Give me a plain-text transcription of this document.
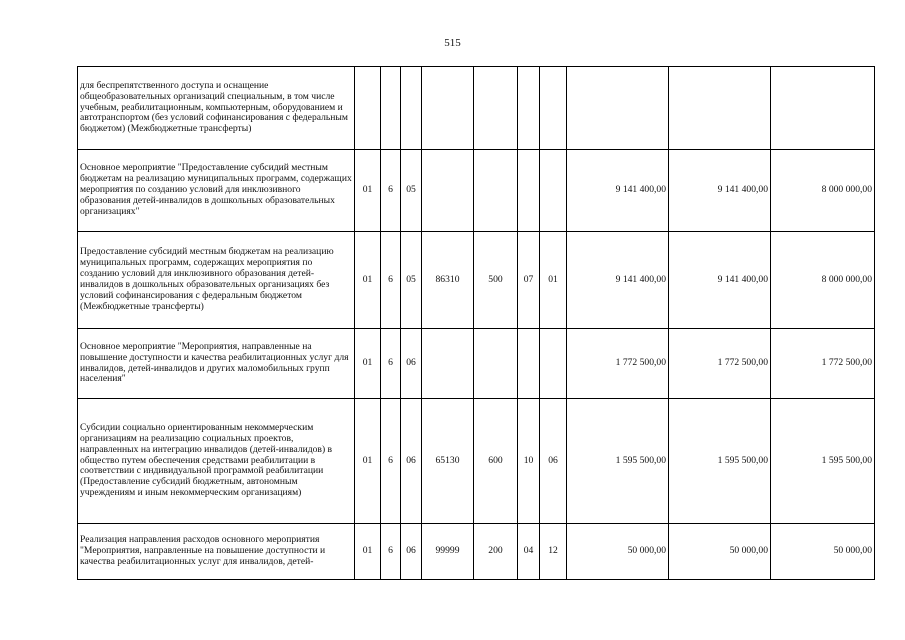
515
для беспрепятственного доступа и оснащение общеобразовательных организаций специальным, в том числе учебным, реабилитационным, компьютерным, оборудованием и автотранспортом (без условий софинансирования с федеральным бюджетом) (Межбюджетные трансферты)										
Основное мероприятие "Предоставление субсидий местным бюджетам на реализацию муниципальных программ, содержащих мероприятия по созданию условий для инклюзивного образования детей-инвалидов в дошкольных образовательных организациях"	01	6	05					9 141 400,00	9 141 400,00	8 000 000,00
Предоставление субсидий местным бюджетам на реализацию муниципальных программ, содержащих мероприятия по созданию условий для инклюзивного образования детей-инвалидов в дошкольных образовательных организациях без условий софинансирования с федеральным бюджетом (Межбюджетные трансферты)	01	6	05	86310	500	07	01	9 141 400,00	9 141 400,00	8 000 000,00
Основное мероприятие "Мероприятия, направленные на повышение доступности и качества реабилитационных услуг для инвалидов, детей-инвалидов и других маломобильных групп населения"	01	6	06					1 772 500,00	1 772 500,00	1 772 500,00
Субсидии социально ориентированным некоммерческим организациям на реализацию социальных проектов, направленных на интеграцию инвалидов (детей-инвалидов) в общество путем обеспечения средствами реабилитации в соответствии с индивидуальной программой реабилитации (Предоставление субсидий бюджетным, автономным учреждениям и иным некоммерческим организациям)	01	6	06	65130	600	10	06	1 595 500,00	1 595 500,00	1 595 500,00
Реализация направления расходов основного мероприятия "Мероприятия, направленные на повышение доступности и качества реабилитационных услуг для инвалидов, детей-	01	6	06	99999	200	04	12	50 000,00	50 000,00	50 000,00
